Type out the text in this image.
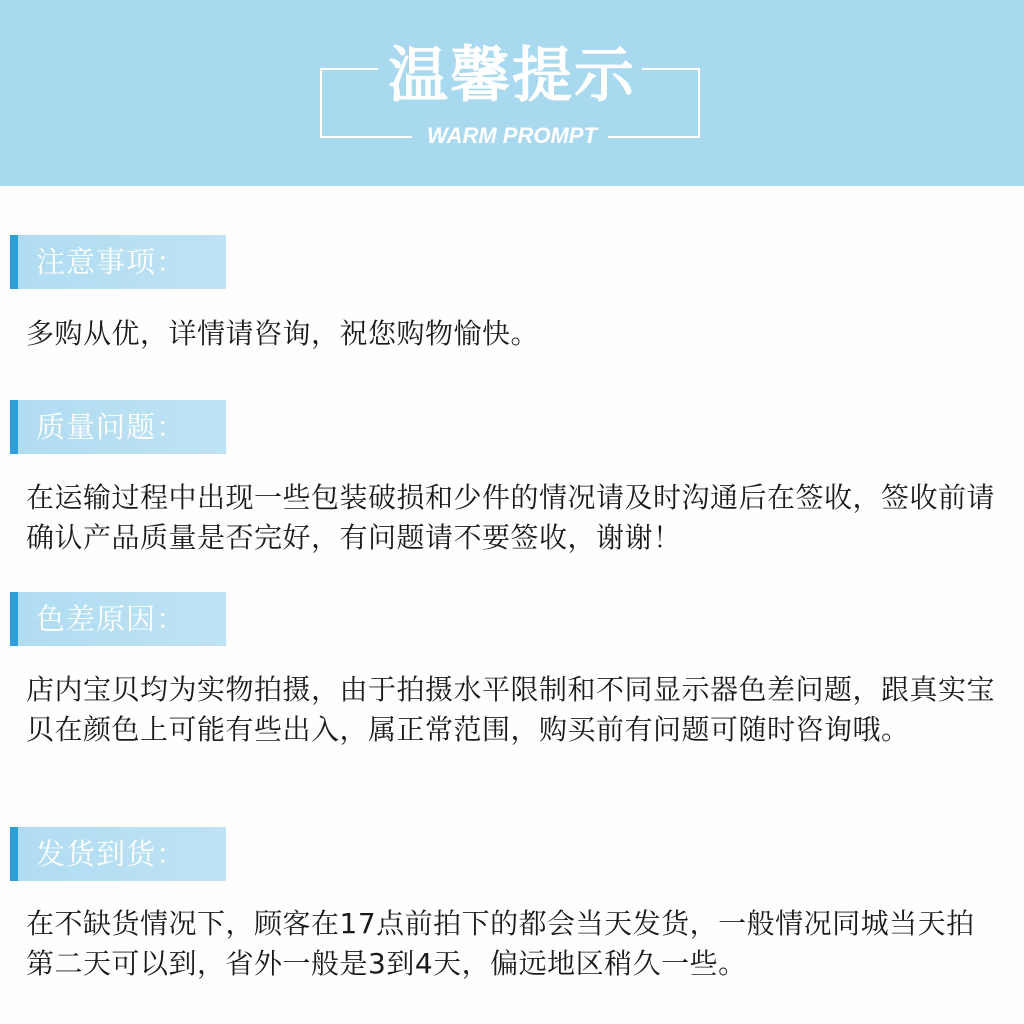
温馨提示
WARM PROMPT
注意事项：
多购从优，详情请咨询，祝您购物愉快。
质量问题：
在运输过程中出现一些包装破损和少件的情况请及时沟通后在签收，签收前请确认产品质量是否完好，有问题请不要签收，谢谢！
色差原因：
店内宝贝均为实物拍摄，由于拍摄水平限制和不同显示器色差问题，跟真实宝贝在颜色上可能有些出入，属正常范围，购买前有问题可随时咨询哦。
发货到货：
在不缺货情况下，顾客在17点前拍下的都会当天发货，一般情况同城当天拍第二天可以到，省外一般是3到4天，偏远地区稍久一些。
